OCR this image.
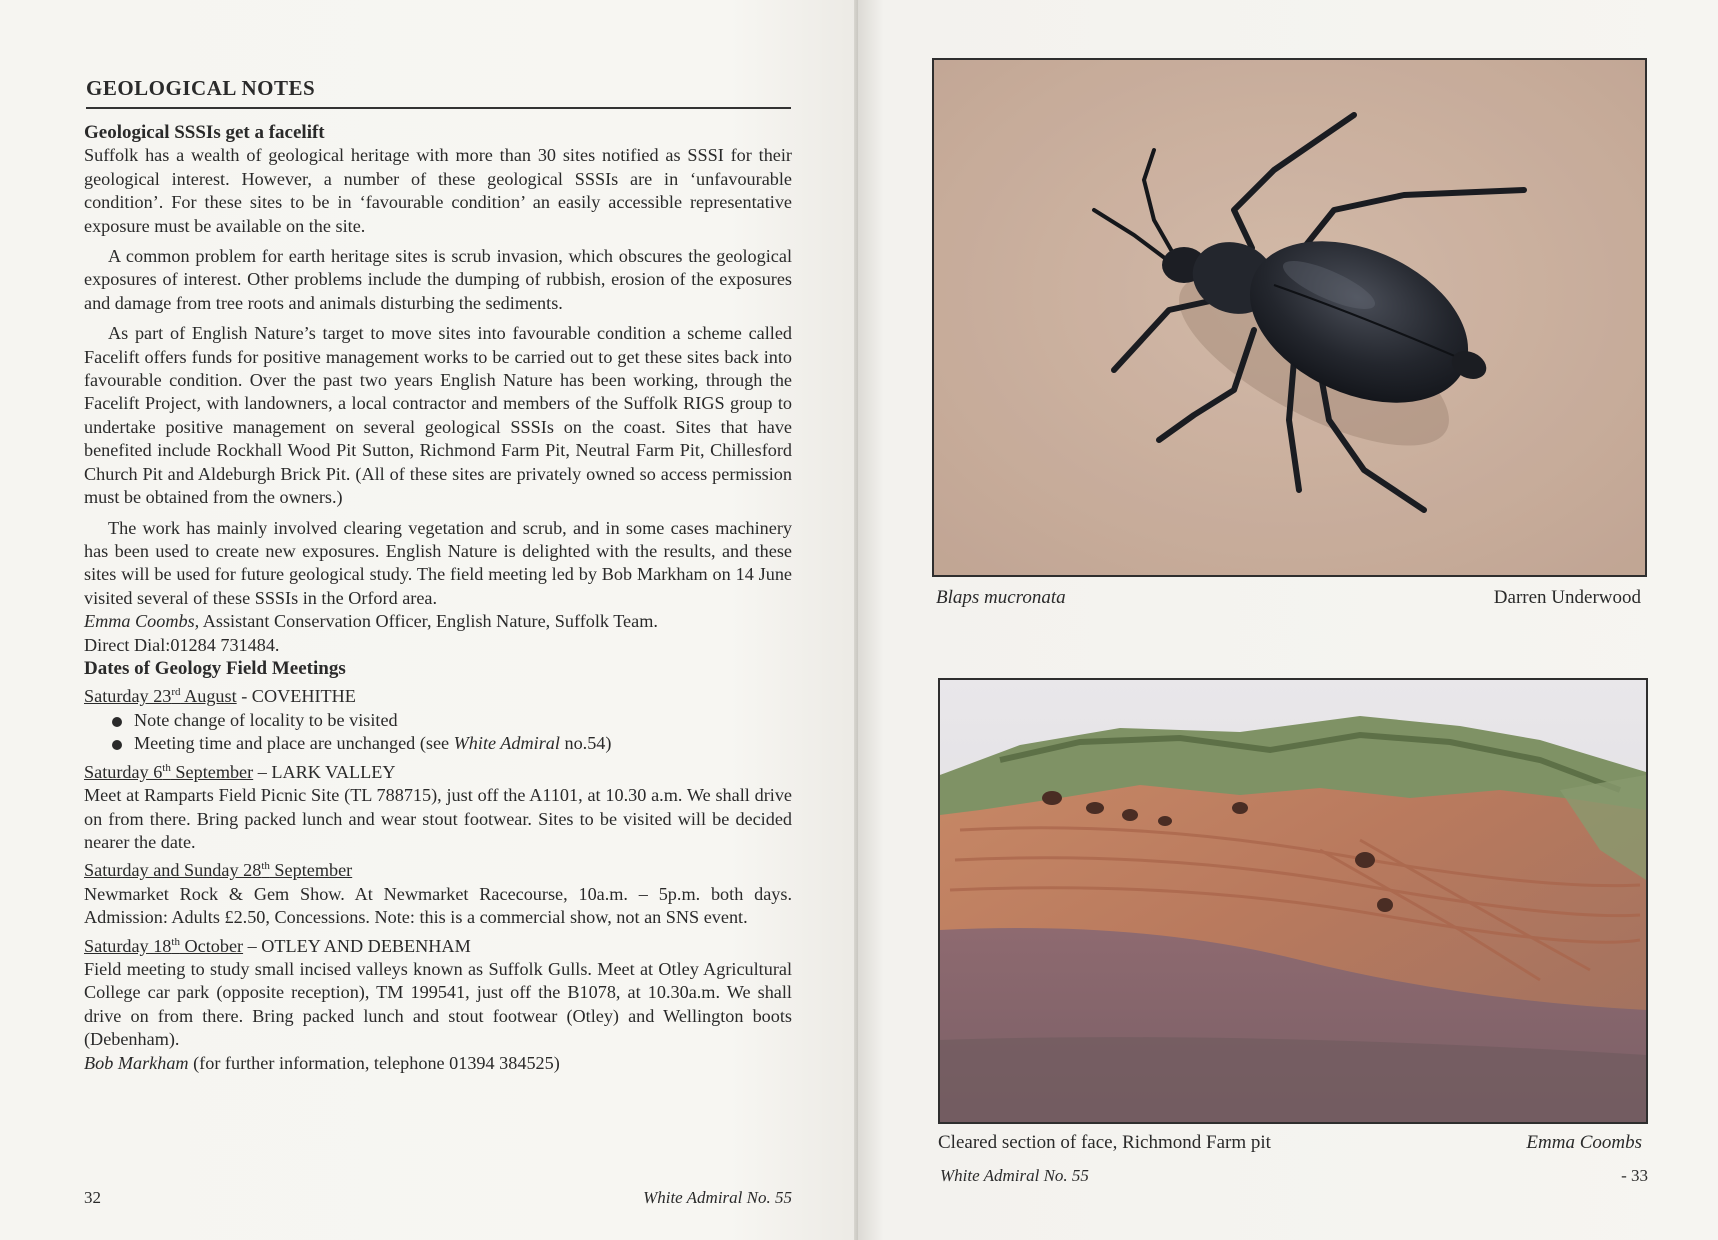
GEOLOGICAL NOTES

Geological SSSIs get a facelift

Suffolk has a wealth of geological heritage with more than 30 sites notified as SSSI for their geological interest. However, a number of these geological SSSIs are in ‘unfavourable condition’. For these sites to be in ‘favourable condition’ an easily accessible representative exposure must be available on the site.

A common problem for earth heritage sites is scrub invasion, which obscures the geological exposures of interest. Other problems include the dumping of rubbish, erosion of the exposures and damage from tree roots and animals disturbing the sediments.

As part of English Nature’s target to move sites into favourable condition a scheme called Facelift offers funds for positive management works to be carried out to get these sites back into favourable condition. Over the past two years English Nature has been working, through the Facelift Project, with landowners, a local contractor and members of the Suffolk RIGS group to undertake positive management on several geological SSSIs on the coast. Sites that have benefited include Rockhall Wood Pit Sutton, Richmond Farm Pit, Neutral Farm Pit, Chillesford Church Pit and Aldeburgh Brick Pit. (All of these sites are privately owned so access permission must be obtained from the owners.)

The work has mainly involved clearing vegetation and scrub, and in some cases machinery has been used to create new exposures. English Nature is delighted with the results, and these sites will be used for future geological study. The field meeting led by Bob Markham on 14 June visited several of these SSSIs in the Orford area.

Emma Coombs, Assistant Conservation Officer, English Nature, Suffolk Team.
Direct Dial:01284 731484.

Dates of Geology Field Meetings

Saturday 23rd August - COVEHITHE
Note change of locality to be visited
Meeting time and place are unchanged (see White Admiral no.54)
Saturday 6th September – LARK VALLEY

Meet at Ramparts Field Picnic Site (TL 788715), just off the A1101, at 10.30 a.m. We shall drive on from there. Bring packed lunch and wear stout footwear. Sites to be visited will be decided nearer the date.

Saturday and Sunday 28th September

Newmarket Rock & Gem Show. At Newmarket Racecourse, 10a.m. – 5p.m. both days. Admission: Adults £2.50, Concessions. Note: this is a commercial show, not an SNS event.

Saturday 18th October – OTLEY AND DEBENHAM

Field meeting to study small incised valleys known as Suffolk Gulls. Meet at Otley Agricultural College car park (opposite reception), TM 199541, just off the B1078, at 10.30a.m. We shall drive on from there. Bring packed lunch and stout footwear (Otley) and Wellington boots (Debenham).

Bob Markham (for further information, telephone 01394 384525)

32	White Admiral No. 55
Blaps mucronata	Darren Underwood
Cleared section of face, Richmond Farm pit	Emma Coombs
White Admiral No. 55	- 33
